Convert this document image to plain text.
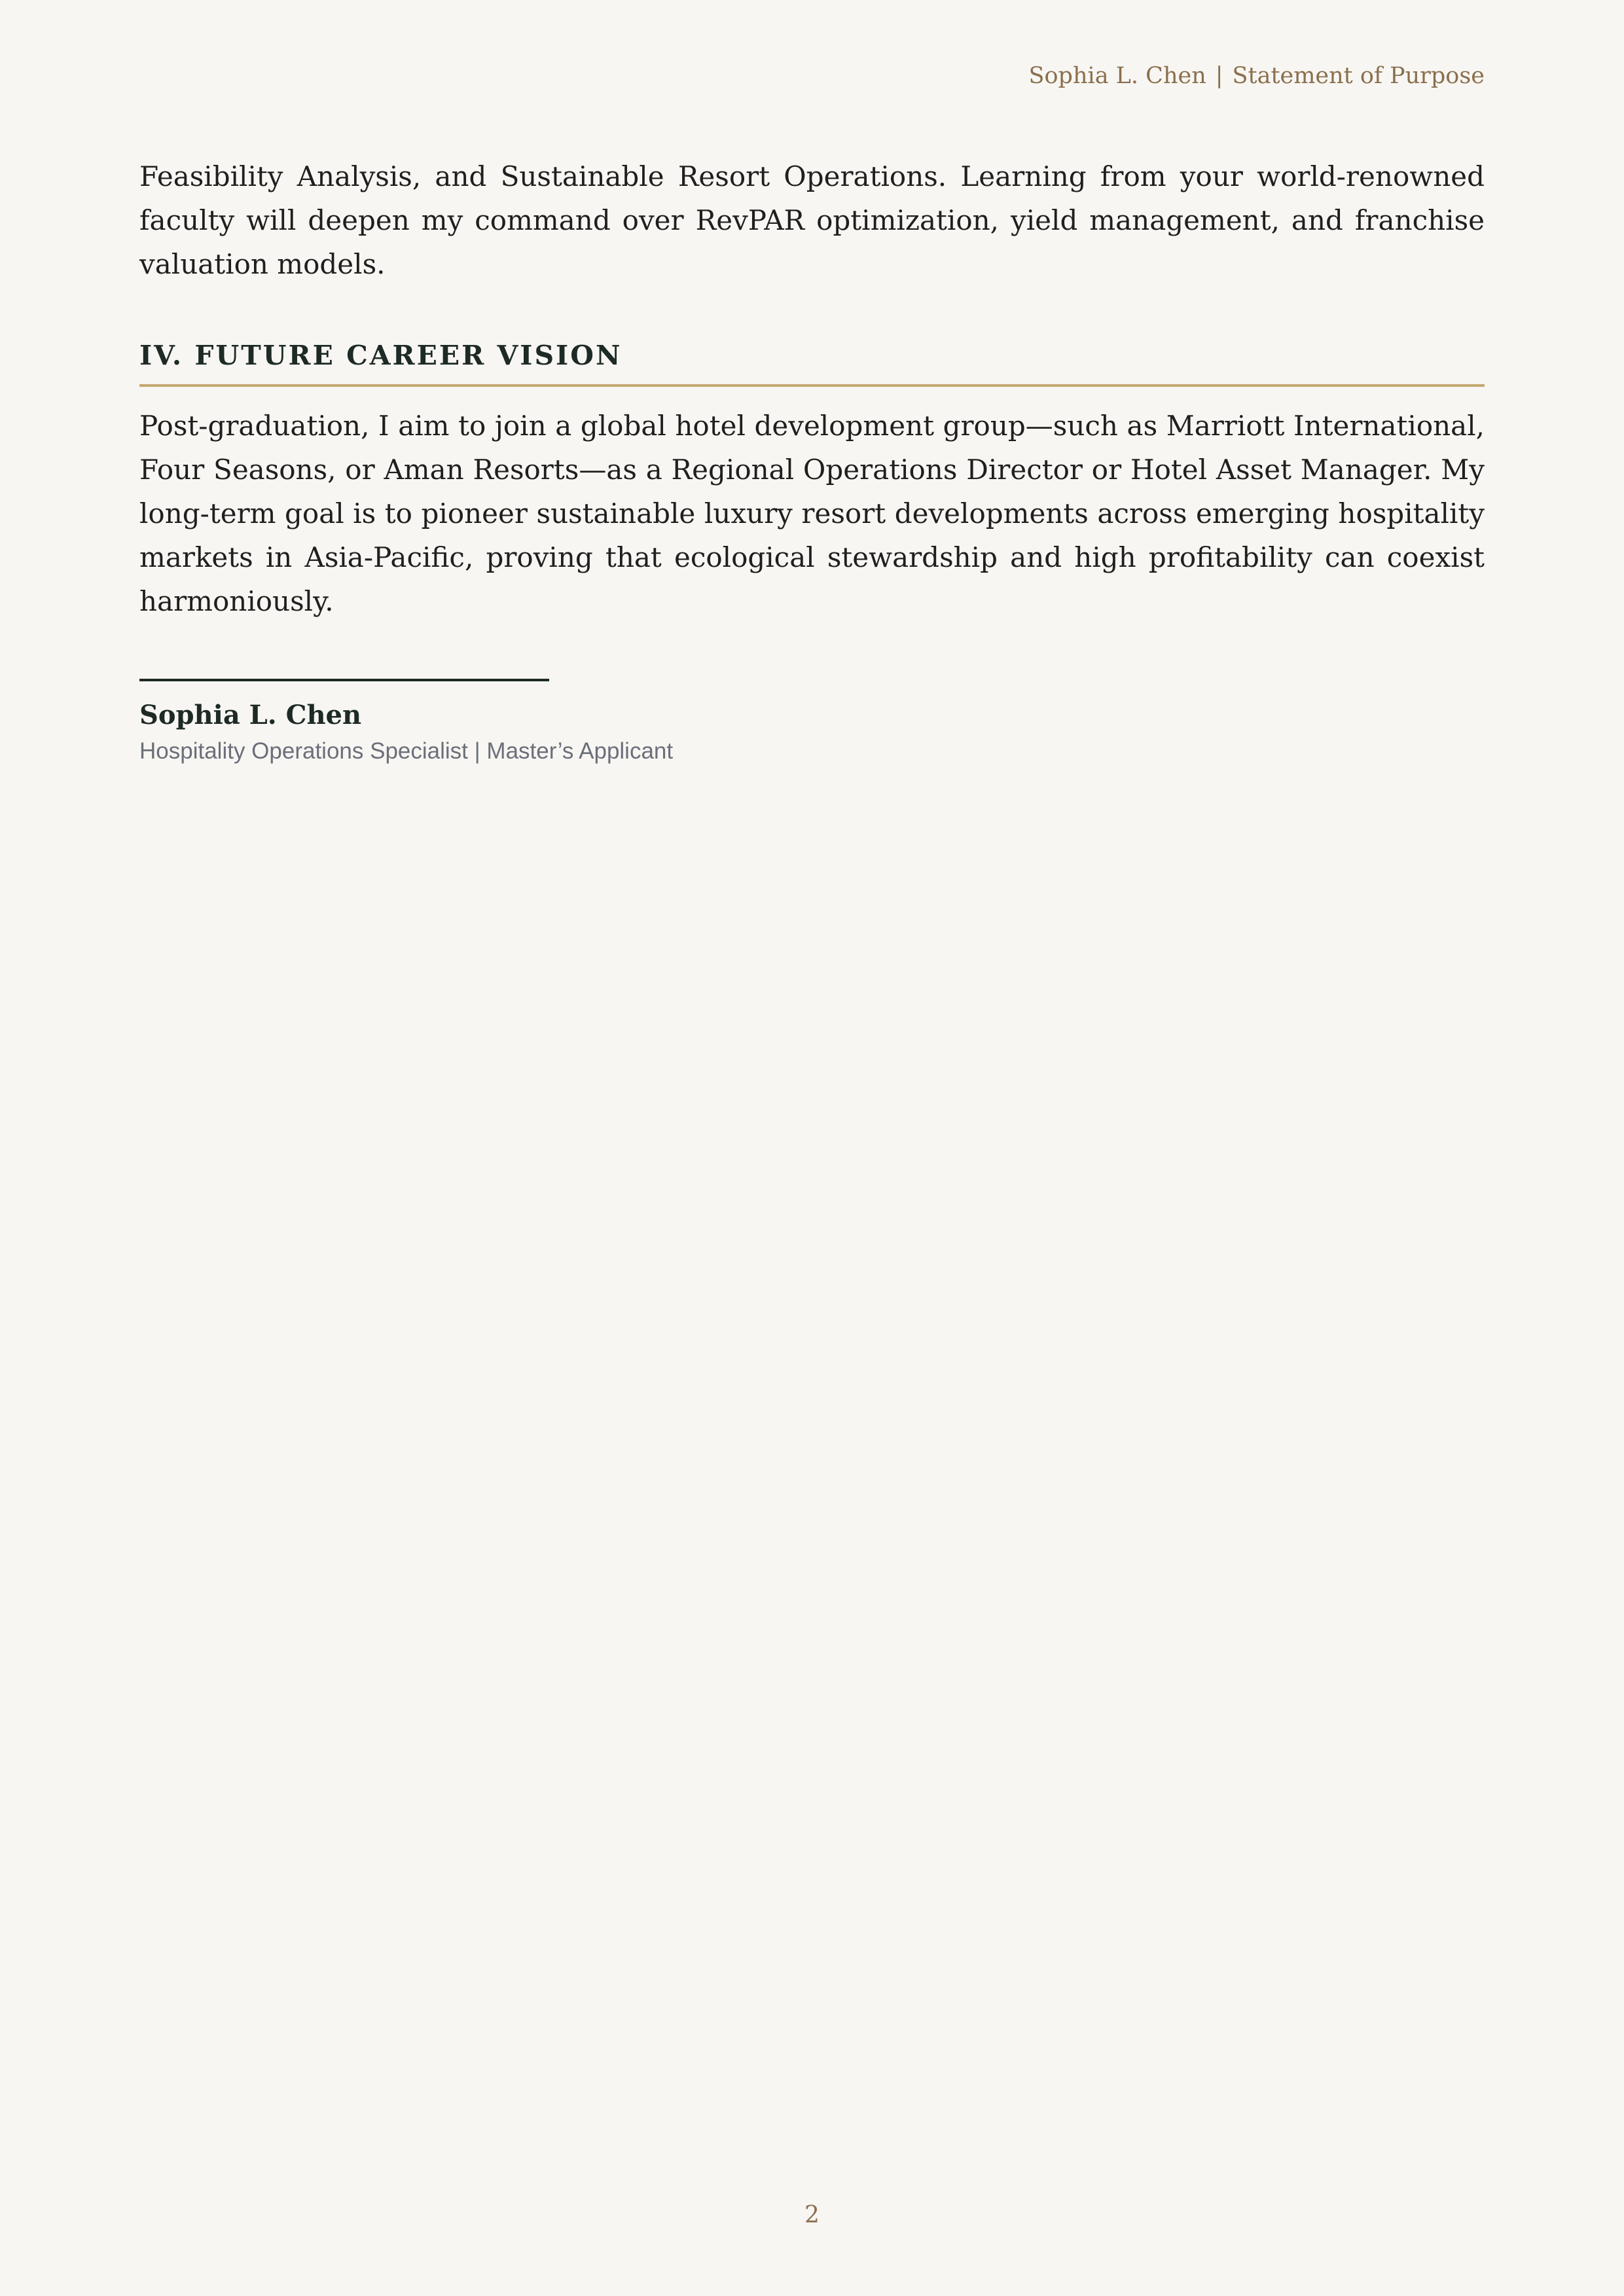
Sophia L. Chen | Statement of Purpose

Feasibility Analysis, and Sustainable Resort Operations. Learning from your world-renowned faculty will deepen my command over RevPAR optimization, yield management, and franchise valuation models.

IV. FUTURE CAREER VISION

Post-graduation, I aim to join a global hotel development group—such as Marriott International, Four Seasons, or Aman Resorts—as a Regional Operations Director or Hotel Asset Manager. My long-term goal is to pioneer sustainable luxury resort developments across emerging hospitality markets in Asia-Pacific, proving that ecological stewardship and high profitability can coexist harmoniously.

Sophia L. Chen
Hospitality Operations Specialist | Master’s Applicant
2
